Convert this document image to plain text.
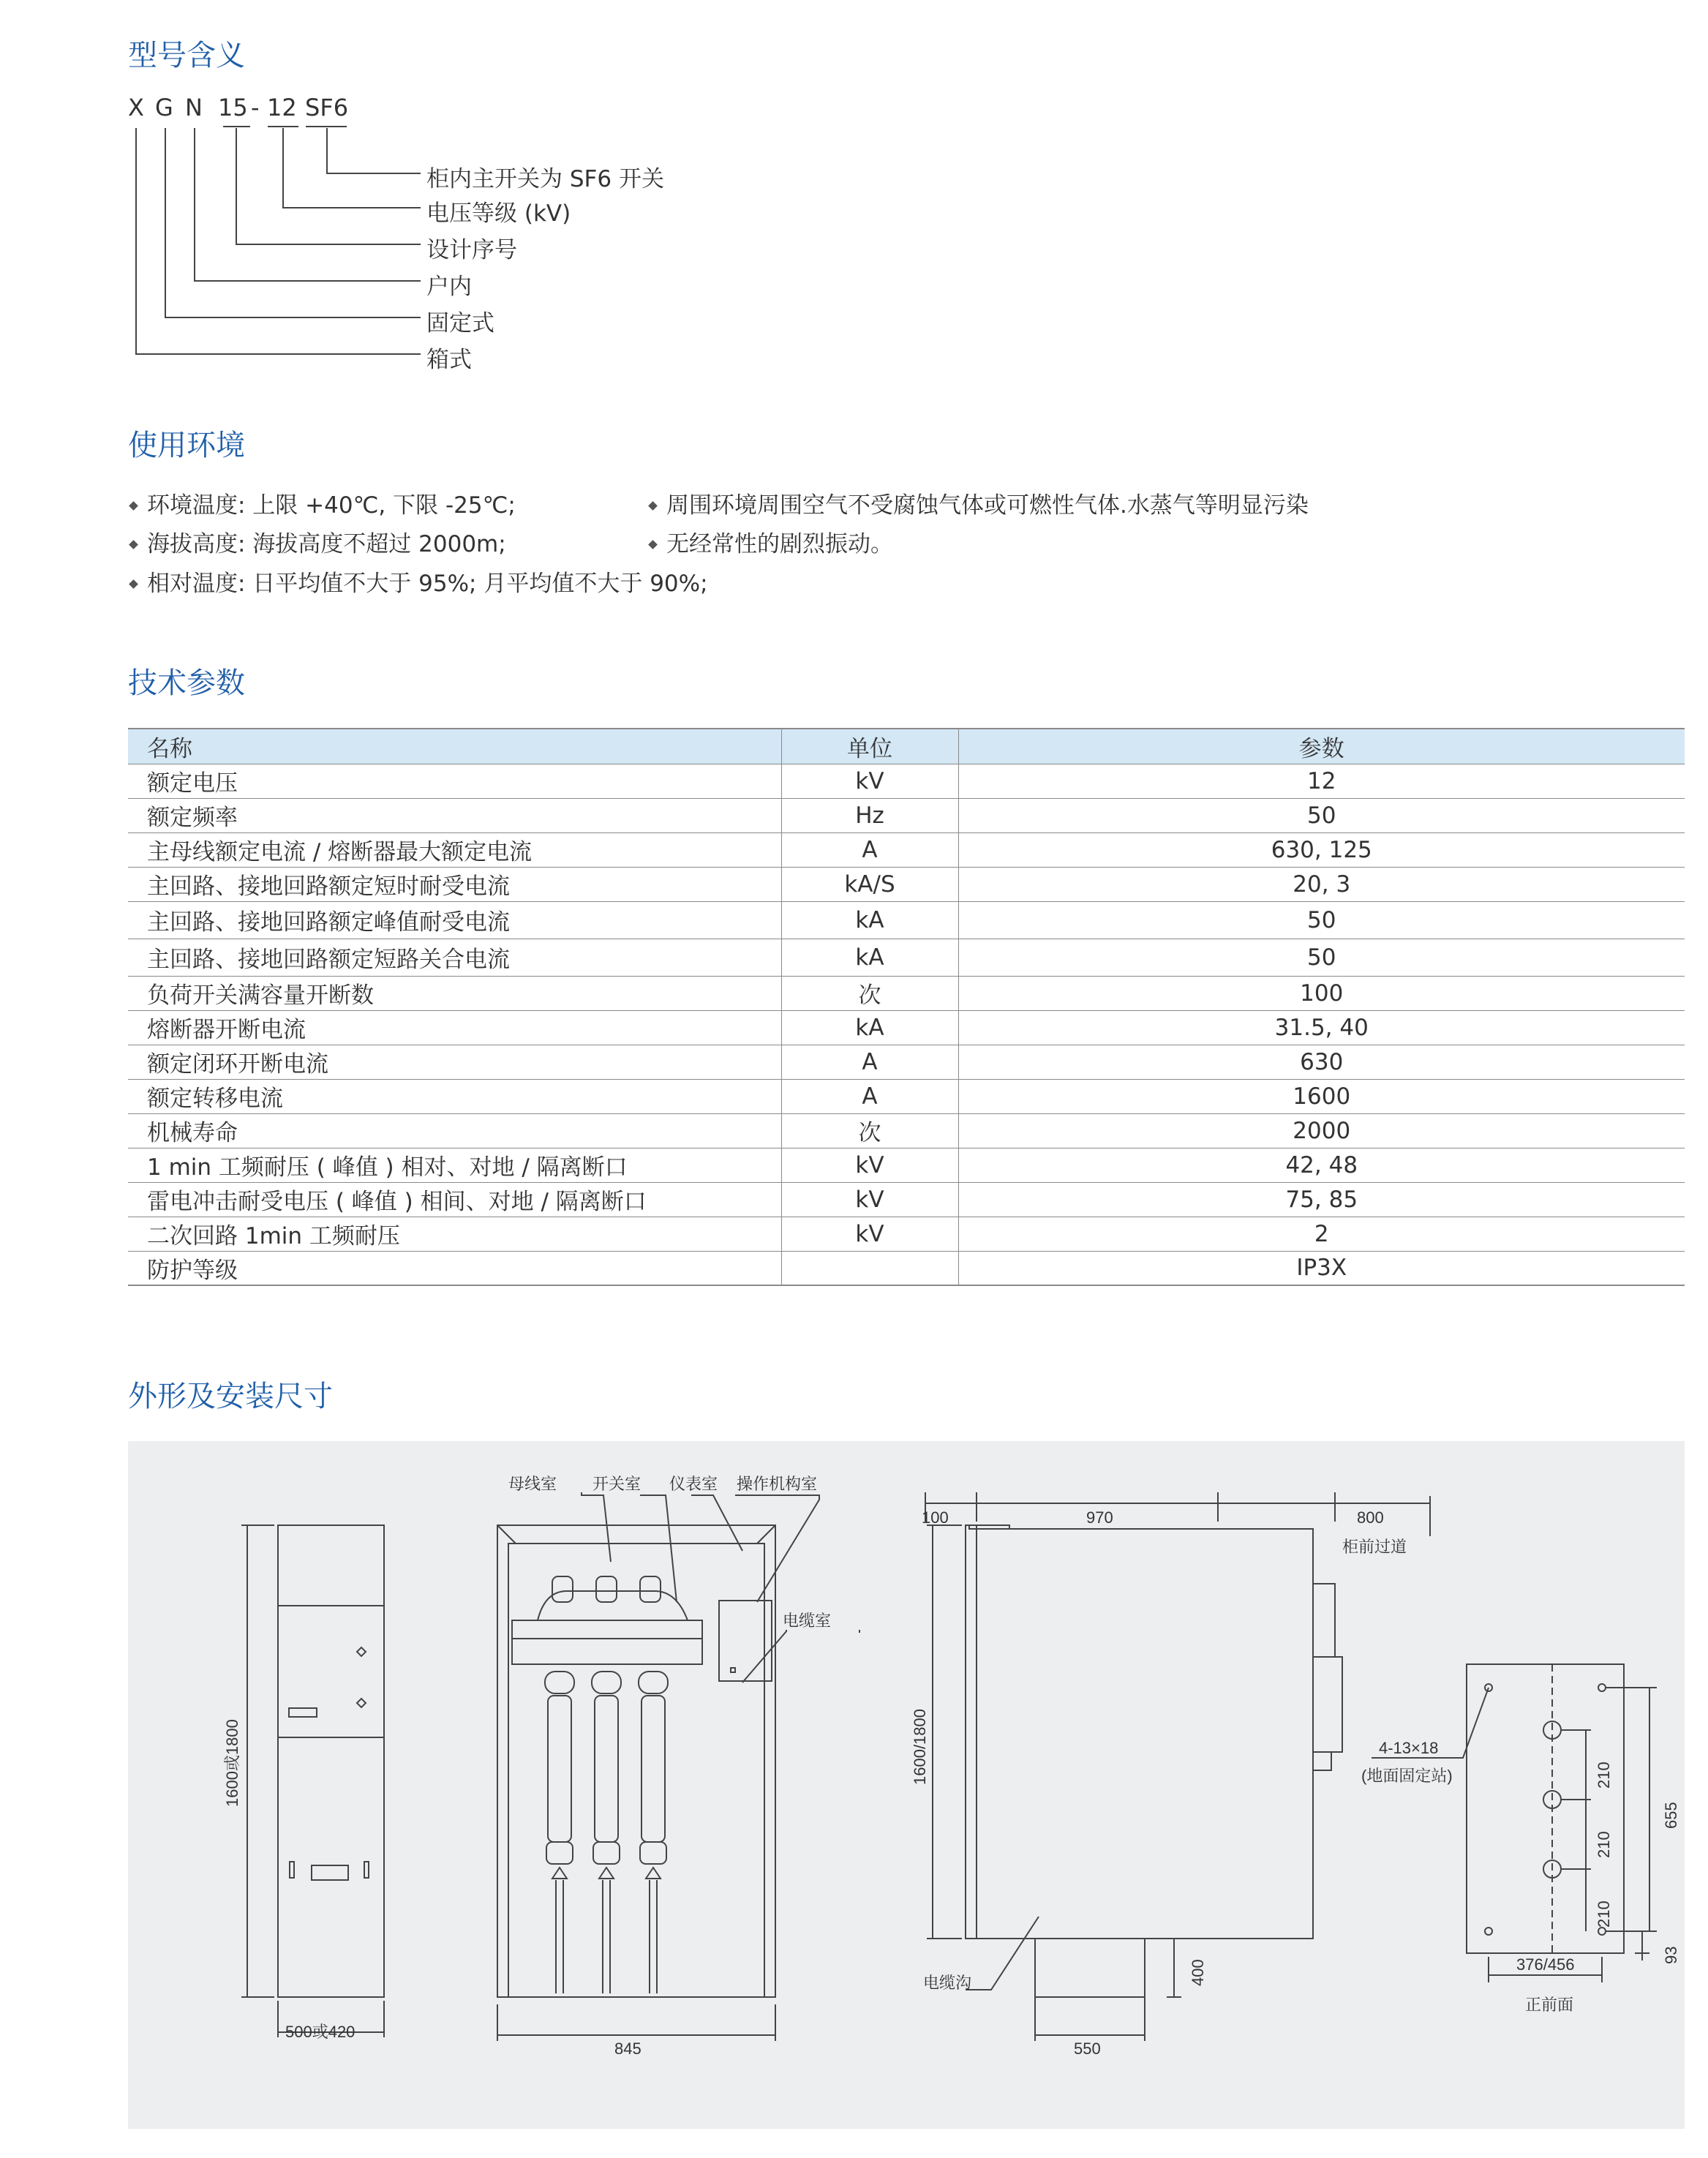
型号含义
X G N 15 - 12 SF6
柜内主开关为 SF6 开关
电压等级 (kV)
设计序号
户内
固定式
箱式
使用环境
环境温度: 上限 +40℃, 下限 -25℃;
海拔高度: 海拔高度不超过 2000m;
相对温度: 日平均值不大于 95%; 月平均值不大于 90%;
周围环境周围空气不受腐蚀气体或可燃性气体.水蒸气等明显污染
无经常性的剧烈振动。
技术参数
名称	单位	参数
额定电压	kV	12
额定频率	Hz	50
主母线额定电流 / 熔断器最大额定电流	A	630, 125
主回路、接地回路额定短时耐受电流	kA/S	20, 3
主回路、接地回路额定峰值耐受电流	kA	50
主回路、接地回路额定短路关合电流	kA	50
负荷开关满容量开断数	次	100
熔断器开断电流	kA	31.5, 40
额定闭环开断电流	A	630
额定转移电流	A	1600
机械寿命	次	2000
1 min 工频耐压 ( 峰值 ) 相对、对地 / 隔离断口	kV	42, 48
雷电冲击耐受电压 ( 峰值 ) 相间、对地 / 隔离断口	kV	75, 85
二次回路 1min 工频耐压	kV	2
防护等级		IP3X
外形及安装尺寸
500或420
1600或1800
母线室 开关室 仪表室 操作机构室
电缆室
845
100	970	800
柜前过道
1600/1800
电缆沟	400
550
4-13×18
(地面固定站)	210
210
210
655
93
376/456
正前面
